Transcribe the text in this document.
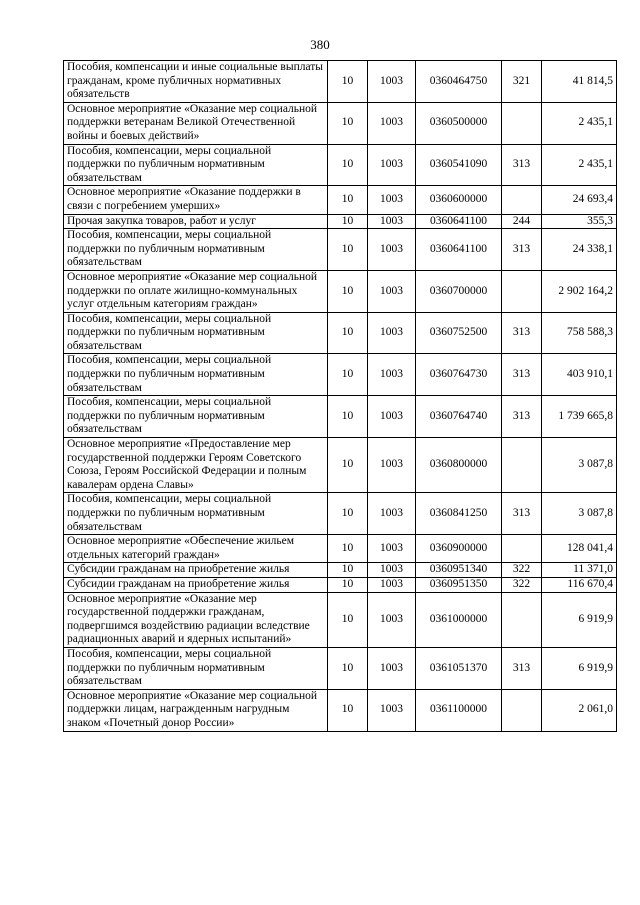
380
Пособия, компенсации и иные социальные выплаты гражданам, кроме публичных нормативных обязательств	10	1003	0360464750	321	41 814,5
Основное мероприятие «Оказание мер социальной поддержки ветеранам Великой Отечественной войны и боевых действий»	10	1003	0360500000		2 435,1
Пособия, компенсации, меры социальной поддержки по публичным нормативным обязательствам	10	1003	0360541090	313	2 435,1
Основное мероприятие «Оказание поддержки в связи с погребением умерших»	10	1003	0360600000		24 693,4
Прочая закупка товаров, работ и услуг	10	1003	0360641100	244	355,3
Пособия, компенсации, меры социальной поддержки по публичным нормативным обязательствам	10	1003	0360641100	313	24 338,1
Основное мероприятие «Оказание мер социальной поддержки по оплате жилищно-коммунальных услуг отдельным категориям граждан»	10	1003	0360700000		2 902 164,2
Пособия, компенсации, меры социальной поддержки по публичным нормативным обязательствам	10	1003	0360752500	313	758 588,3
Пособия, компенсации, меры социальной поддержки по публичным нормативным обязательствам	10	1003	0360764730	313	403 910,1
Пособия, компенсации, меры социальной поддержки по публичным нормативным обязательствам	10	1003	0360764740	313	1 739 665,8
Основное мероприятие «Предоставление мер государственной поддержки Героям Советского Союза, Героям Российской Федерации и полным кавалерам ордена Славы»	10	1003	0360800000		3 087,8
Пособия, компенсации, меры социальной поддержки по публичным нормативным обязательствам	10	1003	0360841250	313	3 087,8
Основное мероприятие «Обеспечение жильем отдельных категорий граждан»	10	1003	0360900000		128 041,4
Субсидии гражданам на приобретение жилья	10	1003	0360951340	322	11 371,0
Субсидии гражданам на приобретение жилья	10	1003	0360951350	322	116 670,4
Основное мероприятие «Оказание мер государственной поддержки гражданам, подвергшимся воздействию радиации вследствие радиационных аварий и ядерных испытаний»	10	1003	0361000000		6 919,9
Пособия, компенсации, меры социальной поддержки по публичным нормативным обязательствам	10	1003	0361051370	313	6 919,9
Основное мероприятие «Оказание мер социальной поддержки лицам, награжденным нагрудным знаком «Почетный донор России»	10	1003	0361100000		2 061,0
